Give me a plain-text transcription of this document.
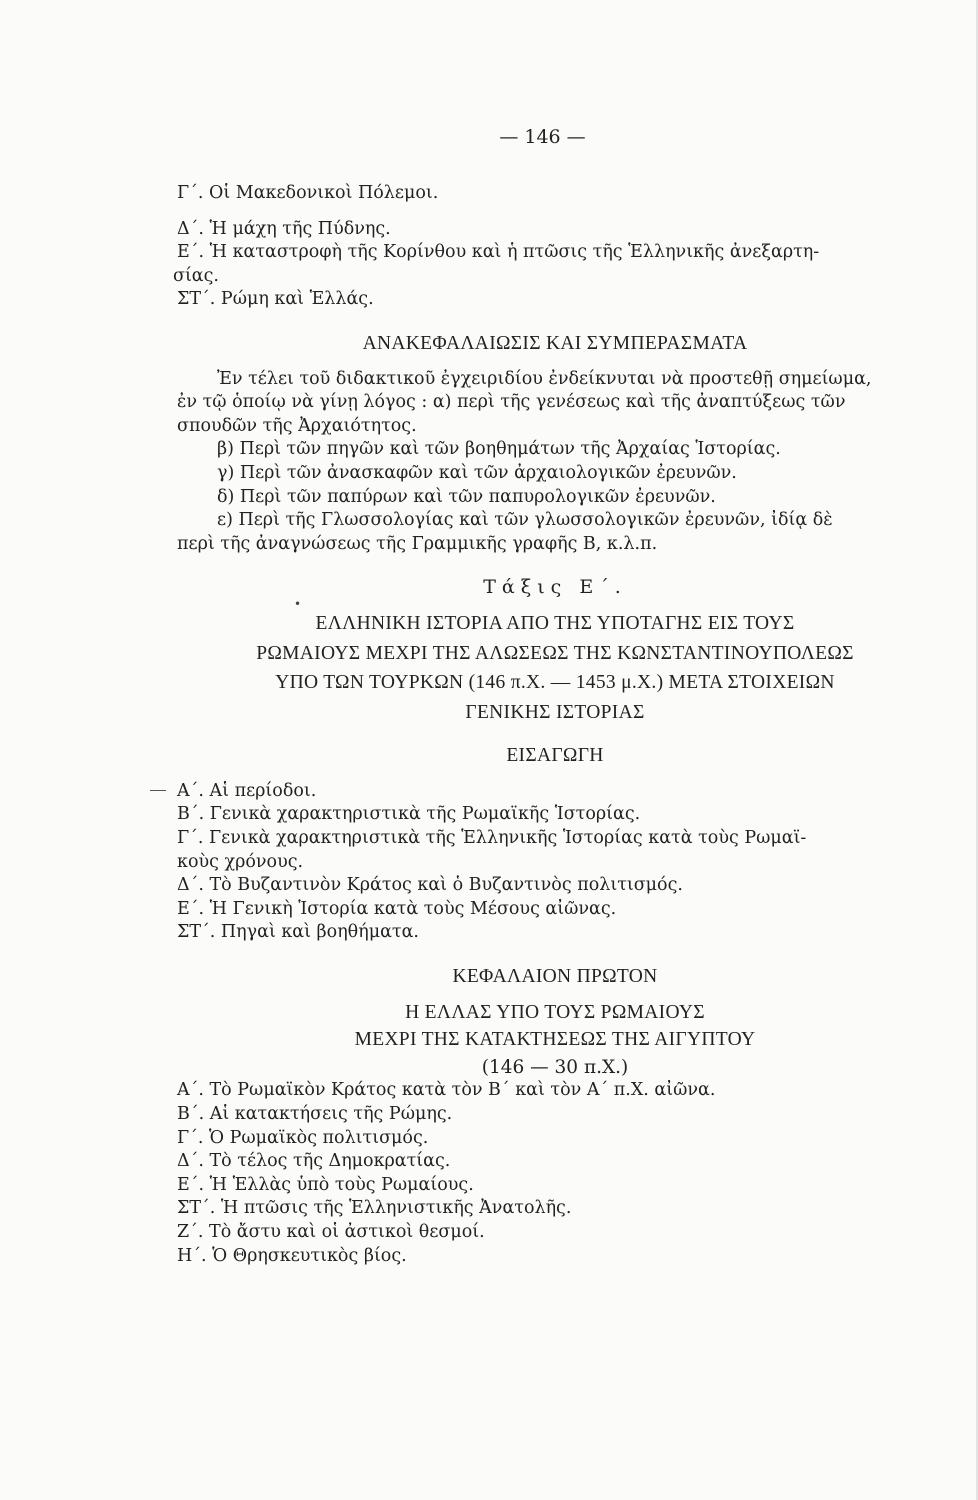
— 146 —
•
Γ΄. Οἱ Μακεδονικοὶ Πόλεμοι.
Δ΄. Ἡ μάχη τῆς Πύδνης.
Ε΄. Ἡ καταστροφὴ τῆς Κορίνθου καὶ ἡ πτῶσις τῆς Ἑλληνικῆς ἀνεξαρτη-
σίας.
ΣΤ΄. Ρώμη καὶ Ἑλλάς.
ΑΝΑΚΕΦΑΛΑΙΩΣΙΣ ΚΑΙ ΣΥΜΠΕΡΑΣΜΑΤΑ
Ἐν τέλει τοῦ διδακτικοῦ ἐγχειριδίου ἐνδείκνυται νὰ προστεθῇ σημείωμα,
ἐν τῷ ὁποίῳ νὰ γίνῃ λόγος : α) περὶ τῆς γενέσεως καὶ τῆς ἀναπτύξεως τῶν
σπουδῶν τῆς Ἀρχαιότητος.
β) Περὶ τῶν πηγῶν καὶ τῶν βοηθημάτων τῆς Ἀρχαίας Ἱστορίας.
γ) Περὶ τῶν ἀνασκαφῶν καὶ τῶν ἀρχαιολογικῶν ἐρευνῶν.
δ) Περὶ τῶν παπύρων καὶ τῶν παπυρολογικῶν ἐρευνῶν.
ε) Περὶ τῆς Γλωσσολογίας καὶ τῶν γλωσσολογικῶν ἐρευνῶν, ἰδίᾳ δὲ
περὶ τῆς ἀναγνώσεως τῆς Γραμμικῆς γραφῆς Β, κ.λ.π.
Τάξις Ε΄.
ΕΛΛΗΝΙΚΗ ΙΣΤΟΡΙΑ ΑΠΟ ΤΗΣ ΥΠΟΤΑΓΗΣ ΕΙΣ ΤΟΥΣ
ΡΩΜΑΙΟΥΣ ΜΕΧΡΙ ΤΗΣ ΑΛΩΣΕΩΣ ΤΗΣ ΚΩΝΣΤΑΝΤΙΝΟΥΠΟΛΕΩΣ
ΥΠΟ ΤΩΝ ΤΟΥΡΚΩΝ (146 π.Χ. — 1453 μ.Χ.) ΜΕΤΑ ΣΤΟΙΧΕΙΩΝ
ΓΕΝΙΚΗΣ ΙΣΤΟΡΙΑΣ
ΕΙΣΑΓΩΓΗ
Α΄. Αἱ περίοδοι.
Β΄. Γενικὰ χαρακτηριστικὰ τῆς Ρωμαϊκῆς Ἱστορίας.
Γ΄. Γενικὰ χαρακτηριστικὰ τῆς Ἑλληνικῆς Ἱστορίας κατὰ τοὺς Ρωμαϊ-
κοὺς χρόνους.
Δ΄. Τὸ Βυζαντινὸν Κράτος καὶ ὁ Βυζαντινὸς πολιτισμός.
Ε΄. Ἡ Γενικὴ Ἱστορία κατὰ τοὺς Μέσους αἰῶνας.
ΣΤ΄. Πηγαὶ καὶ βοηθήματα.
ΚΕΦΑΛΑΙΟΝ ΠΡΩΤΟΝ
Η ΕΛΛΑΣ ΥΠΟ ΤΟΥΣ ΡΩΜΑΙΟΥΣ
ΜΕΧΡΙ ΤΗΣ ΚΑΤΑΚΤΗΣΕΩΣ ΤΗΣ ΑΙΓΥΠΤΟΥ
(146 — 30 π.Χ.)
Α΄. Τὸ Ρωμαϊκὸν Κράτος κατὰ τὸν Β΄ καὶ τὸν Α΄ π.Χ. αἰῶνα.
Β΄. Αἱ κατακτήσεις τῆς Ρώμης.
Γ΄. Ὁ Ρωμαϊκὸς πολιτισμός.
Δ΄. Τὸ τέλος τῆς Δημοκρατίας.
Ε΄. Ἡ Ἑλλὰς ὑπὸ τοὺς Ρωμαίους.
ΣΤ΄. Ἡ πτῶσις τῆς Ἑλληνιστικῆς Ἀνατολῆς.
Ζ΄. Τὸ ἄστυ καὶ οἱ ἀστικοὶ θεσμοί.
Η΄. Ὁ Θρησκευτικὸς βίος.
